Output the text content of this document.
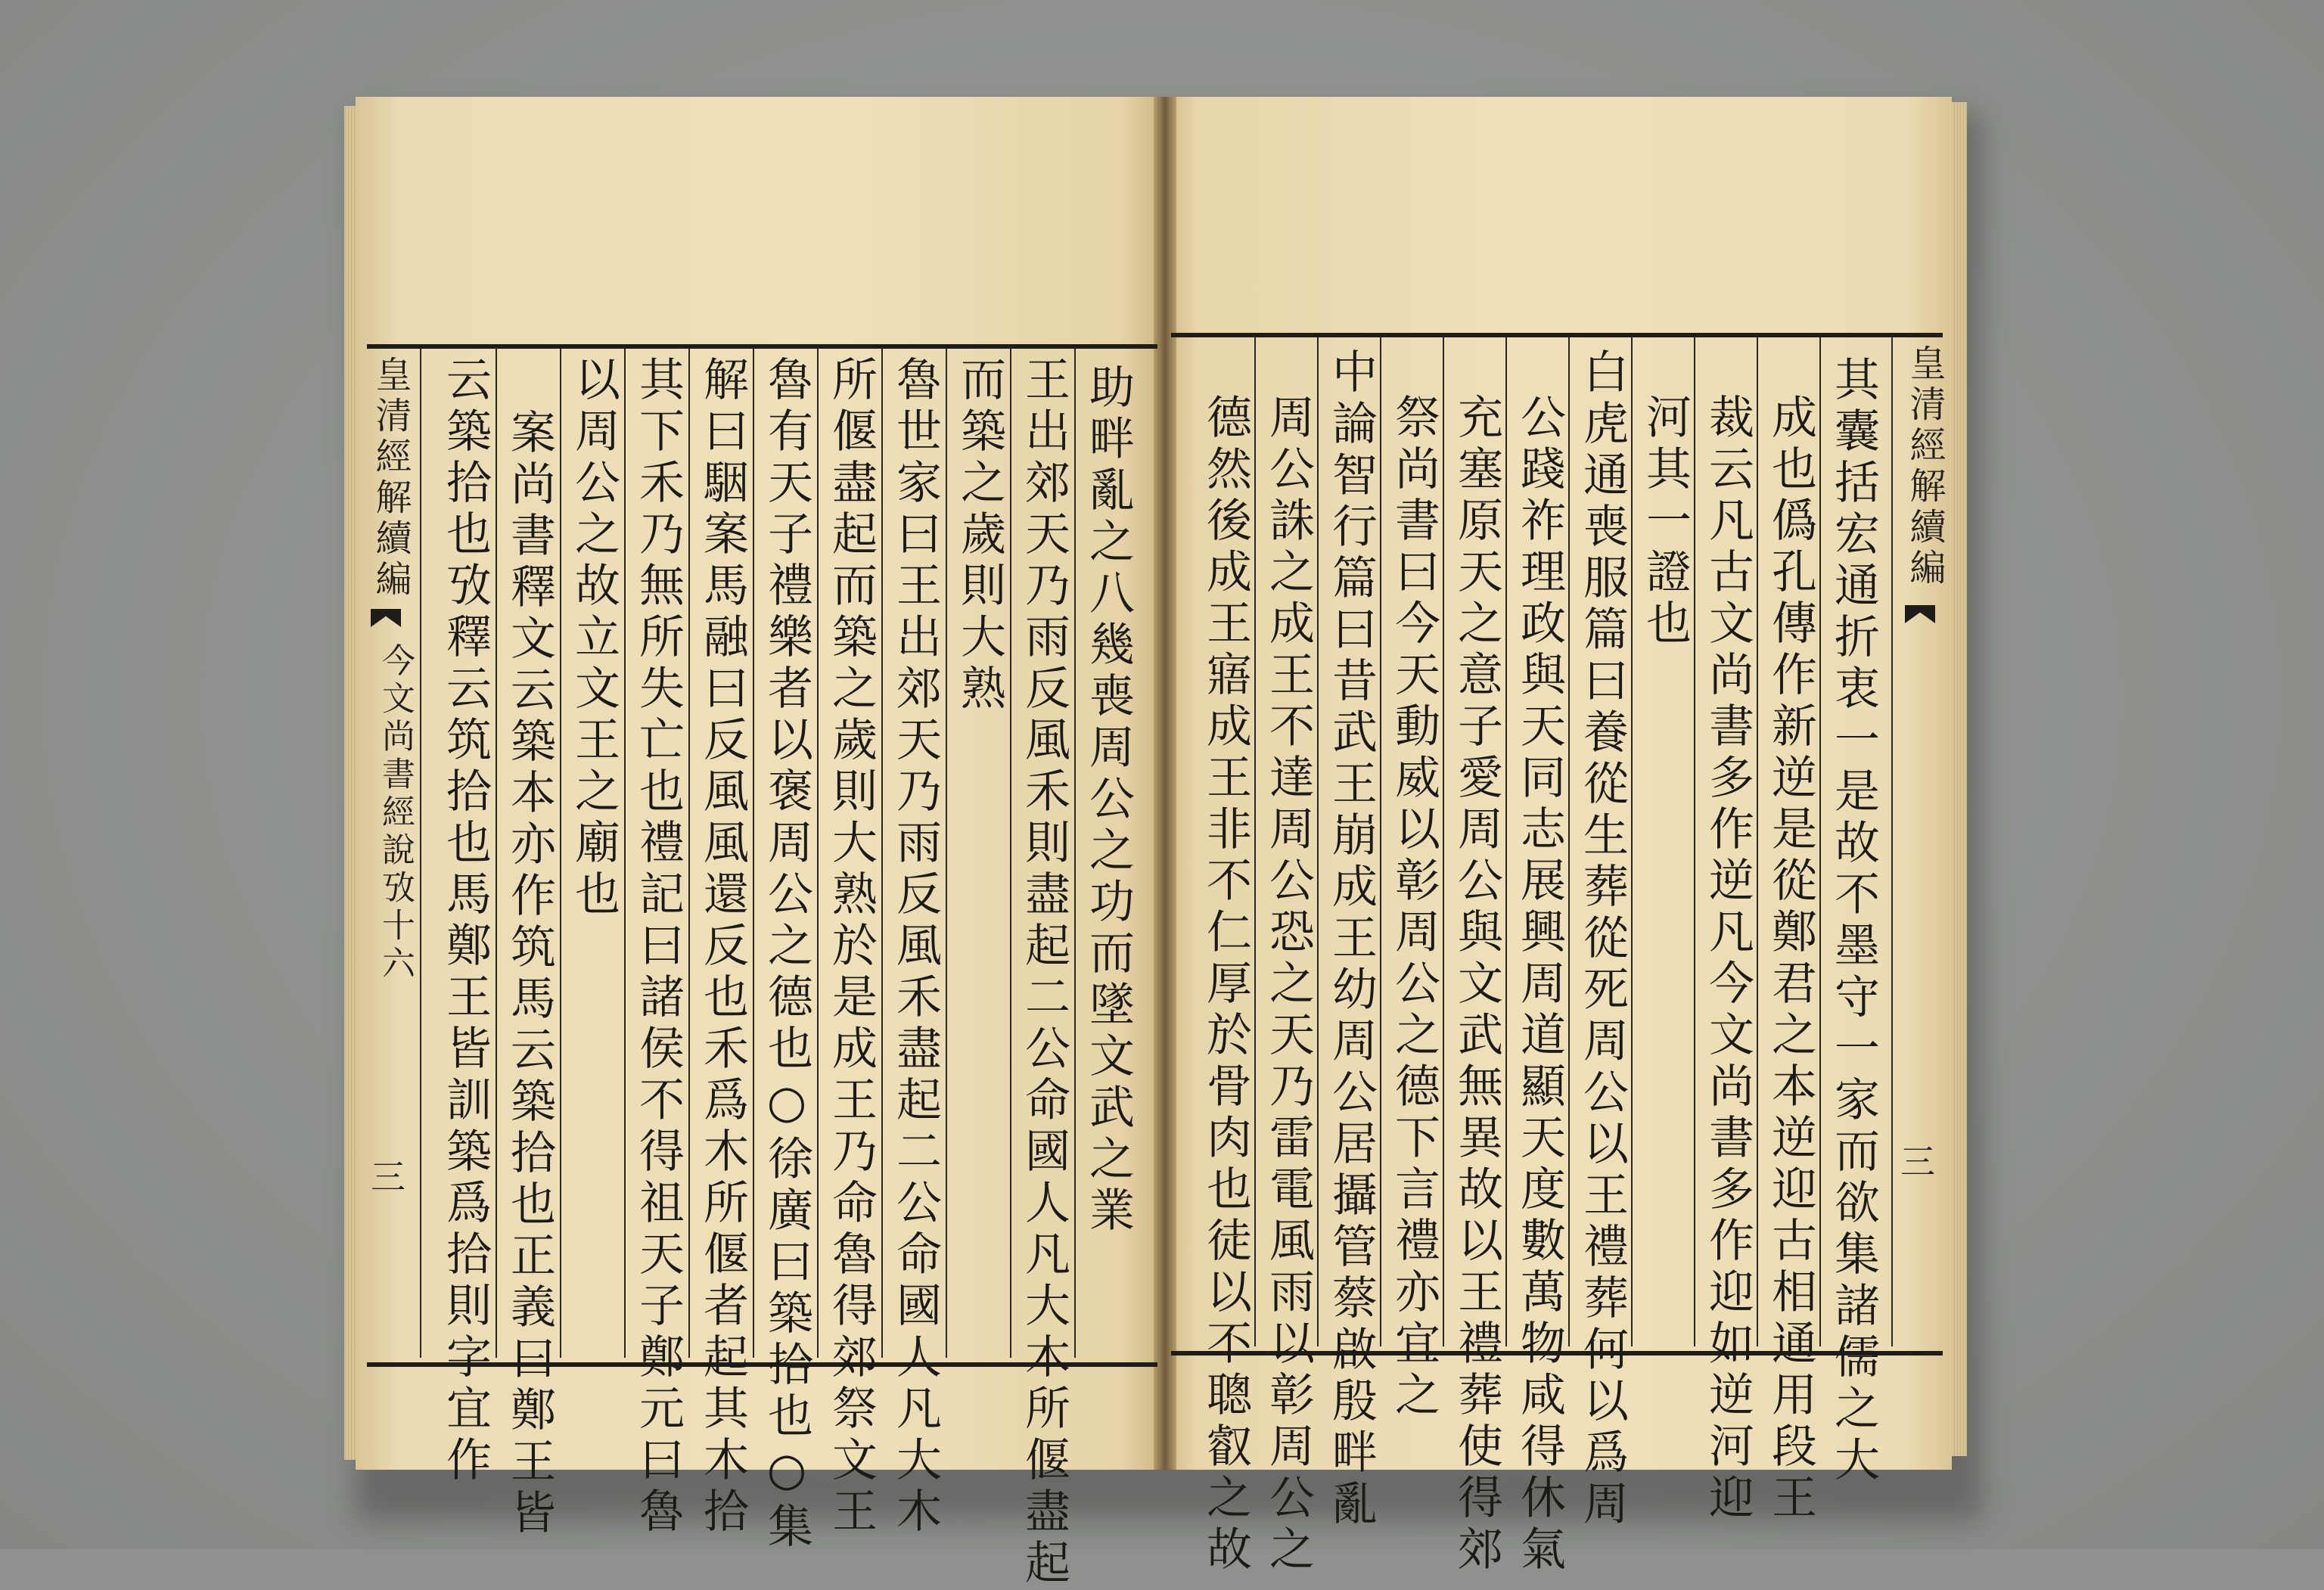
皇清經解續編
今文尚書經說攷十六
三	助畔亂之八幾喪周公之功而墜文武之業
王出郊天乃雨反風禾則盡起二公命國人凡大木所偃盡起
而築之歲則大熟
魯世家曰王出郊天乃雨反風禾盡起二公命國人凡大木
所偃盡起而築之歲則大熟於是成王乃命魯得郊祭文王
魯有天子禮樂者以褒周公之德也○徐廣曰築拾也○集
解曰駰案馬融曰反風風還反也禾爲木所偃者起其木拾
其下禾乃無所失亡也禮記曰諸侯不得祖天子鄭元曰魯
以周公之故立文王之廟也
案尚書釋文云築本亦作筑馬云築拾也正義曰鄭王皆
云築拾也攷釋云筑拾也馬鄭王皆訓築爲拾則字宜作	皇清經解續編
三
其囊括宏通折衷一是故不墨守一家而欲集諸儒之大
成也僞孔傳作新逆是從鄭君之本逆迎古相通用段王
裁云凡古文尚書多作逆凡今文尚書多作迎如逆河迎
河其一證也
白虎通喪服篇曰養從生葬從死周公以王禮葬何以爲周
公踐祚理政與天同志展興周道顯天度數萬物咸得休氣
充塞原天之意子愛周公與文武無異故以王禮葬使得郊
祭尚書曰今天動威以彰周公之德下言禮亦宜之
中論智行篇曰昔武王崩成王幼周公居攝管蔡啟殷畔亂
周公誅之成王不達周公恐之天乃雷電風雨以彰周公之
德然後成王寤成王非不仁厚於骨肉也徒以不聰叡之故
